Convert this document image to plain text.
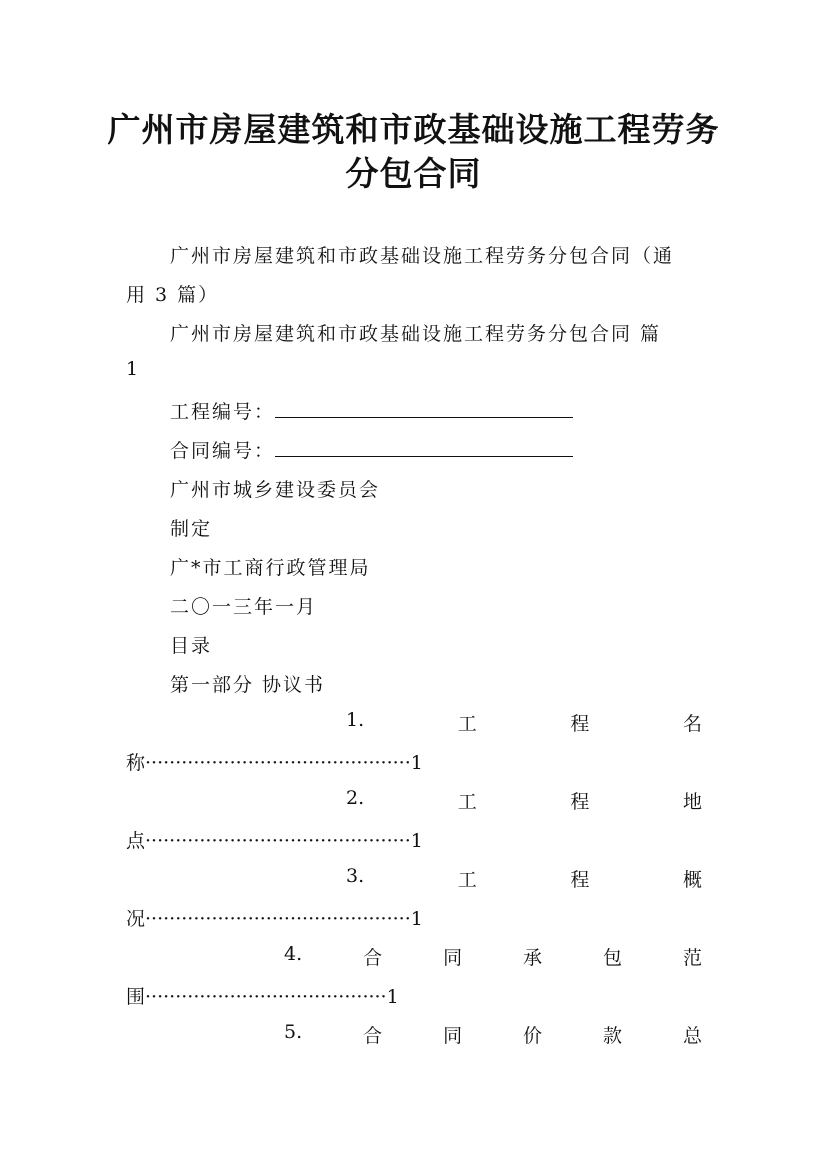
广州市房屋建筑和市政基础设施工程劳务
分包合同
广州市房屋建筑和市政基础设施工程劳务分包合同（通
用 3 篇）
广州市房屋建筑和市政基础设施工程劳务分包合同 篇
1
工程编号：
合同编号：
广州市城乡建设委员会
制定
广*市工商行政管理局
二〇一三年一月
目录
第一部分 协议书
1.	工	程	名
称············································1
2.	工	程	地
点············································1
3.	工	程	概
况············································1
4.	合	同	承	包	范
围········································1
5.	合	同	价	款	总
